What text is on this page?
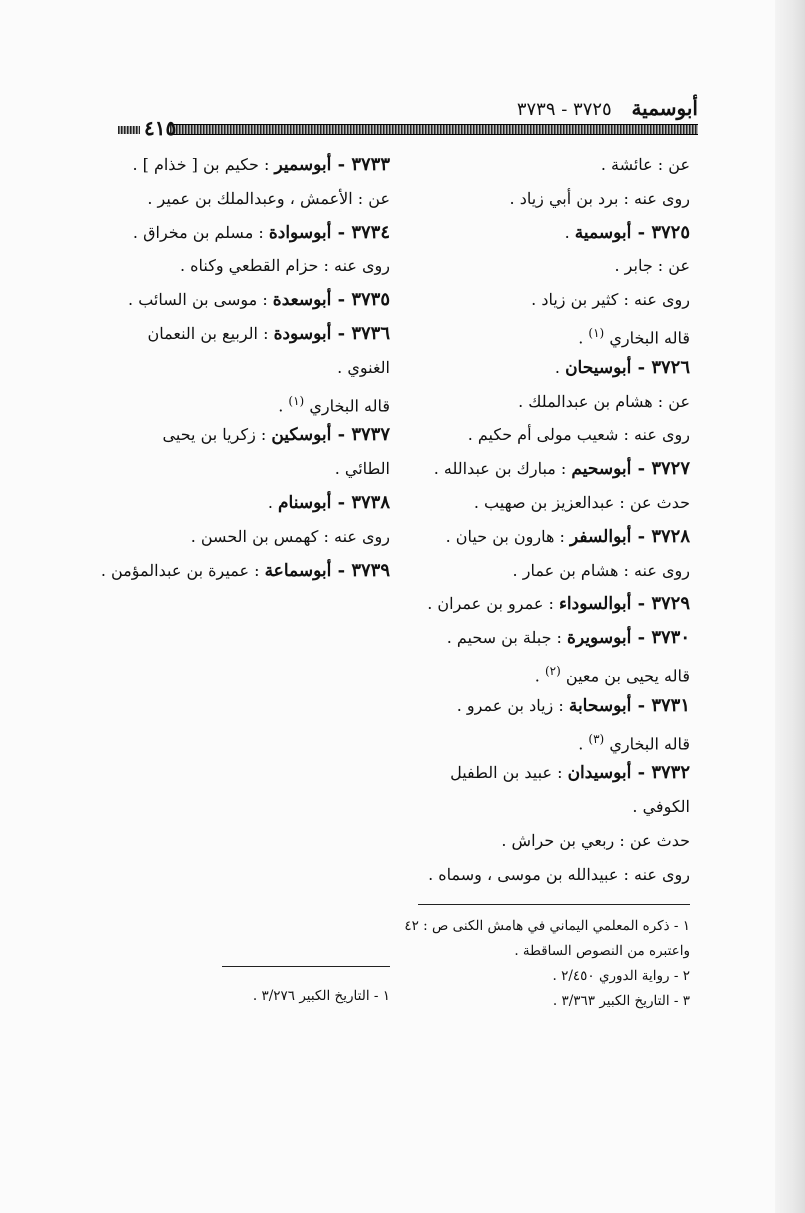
أبوسمية ٣٧٢٥ - ٣٧٣٩
٤١٥
عن : عائشة .
روى عنه : برد بن أبي زياد .
٣٧٢٥ - أبوسمية .
عن : جابر .
روى عنه : كثير بن زياد .
قاله البخاري $^{(١)}$ .
٣٧٢٦ - أبوسيحان .
عن : هشام بن عبدالملك .
روى عنه : شعيب مولى أم حكيم .
٣٧٢٧ - أبوسحيم : مبارك بن عبدالله .
حدث عن : عبدالعزيز بن صهيب .
٣٧٢٨ - أبوالسفر : هارون بن حيان .
روى عنه : هشام بن عمار .
٣٧٢٩ - أبوالسوداء : عمرو بن عمران .
٣٧٣٠ - أبوسويرة : جبلة بن سحيم .
قاله يحيى بن معين $^{(٢)}$ .
٣٧٣١ - أبوسحابة : زياد بن عمرو .
قاله البخاري $^{(٣)}$ .
٣٧٣٢ - أبوسيدان : عبيد بن الطفيل
الكوفي .
حدث عن : ربعي بن حراش .
روى عنه : عبيدالله بن موسى ، وسماه .
٣٧٣٣ - أبوسمير : حكيم بن [ خذام ] .
عن : الأعمش ، وعبدالملك بن عمير .
٣٧٣٤ - أبوسوادة : مسلم بن مخراق .
روى عنه : حزام القطعي وكناه .
٣٧٣٥ - أبوسعدة : موسى بن السائب .
٣٧٣٦ - أبوسودة : الربيع بن النعمان
الغنوي .
قاله البخاري $^{(١)}$ .
٣٧٣٧ - أبوسكين : زكريا بن يحيى
الطائي .
٣٧٣٨ - أبوسنام .
روى عنه : كهمس بن الحسن .
٣٧٣٩ - أبوسماعة : عميرة بن عبدالمؤمن .
١ - ذكره المعلمي اليماني في هامش الكنى ص : ٤٢
واعتبره من النصوص الساقطة .
٢ - رواية الدوري ٢/٤٥٠ .
٣ - التاريخ الكبير ٣/٣٦٣ .
١ - التاريخ الكبير ٣/٢٧٦ .
